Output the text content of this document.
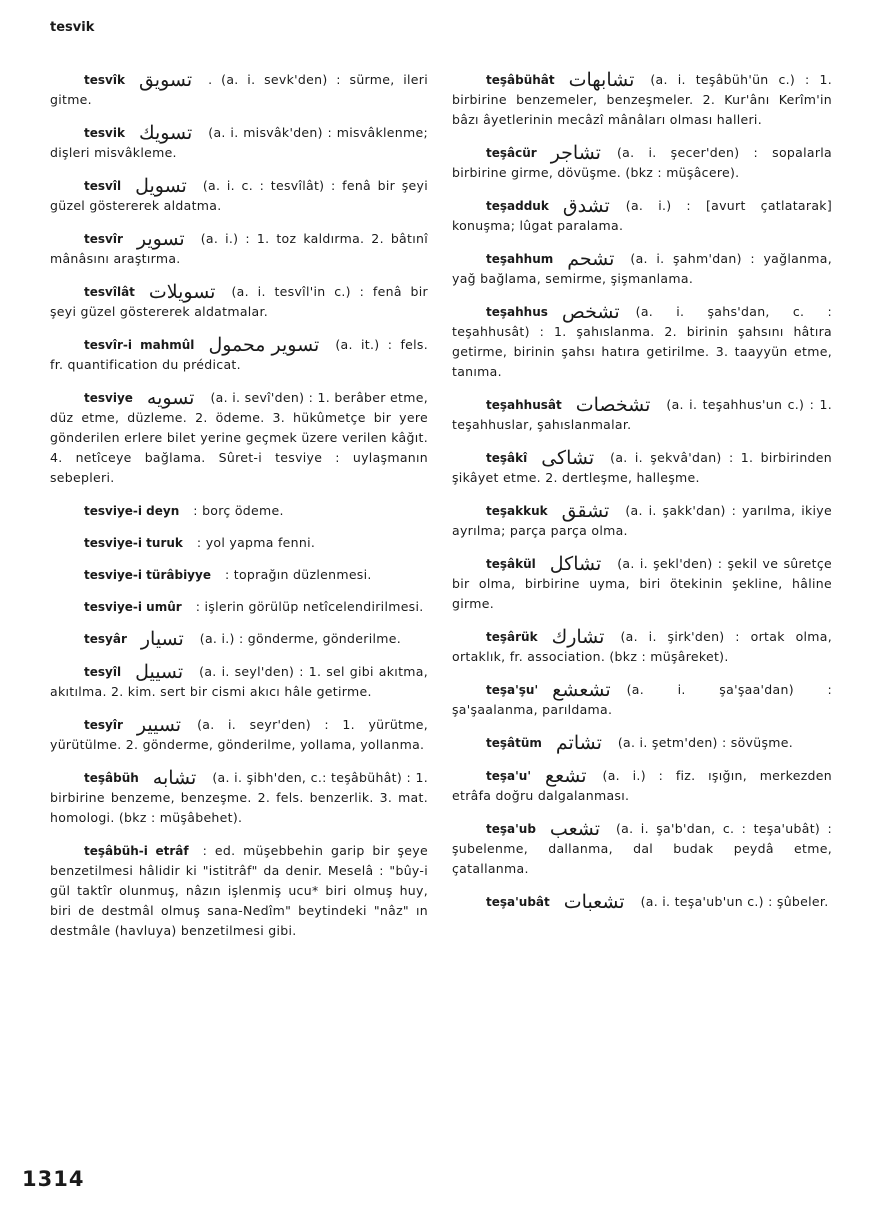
tesvik
tesvîk تسويق . (a. i. sevk'den) : sürme, ileri gitme.
tesvik تسويك (a. i. misvâk'den) : misvâklenme; dişleri misvâkleme.
tesvîl تسويل (a. i. c. : tesvîlât) : fenâ bir şeyi güzel göstererek aldatma.
tesvîr تسوير (a. i.) : 1. toz kaldırma. 2. bâtınî mânâsını araştırma.
tesvîlât تسويلات (a. i. tesvîl'in c.) : fenâ bir şeyi güzel göstererek aldatmalar.
tesvîr-i mahmûl تسوير محمول (a. it.) : fels. fr. quantification du prédicat.
tesviye تسويه (a. i. sevî'den) : 1. berâber etme, düz etme, düzleme. 2. ödeme. 3. hükûmetçe bir yere gönderilen erlere bilet yerine geçmek üzere verilen kâğıt. 4. netîceye bağlama. Sûret-i tesviye : uylaşmanın sebepleri.
tesviye-i deyn : borç ödeme.
tesviye-i turuk : yol yapma fenni.
tesviye-i türâbiyye : toprağın düzlenmesi.
tesviye-i umûr : işlerin görülüp netîcelendirilmesi.
tesyâr تسيار (a. i.) : gönderme, gönderilme.
tesyîl تسييل (a. i. seyl'den) : 1. sel gibi akıtma, akıtılma. 2. kim. sert bir cismi akıcı hâle getirme.
tesyîr تسيير (a. i. seyr'den) : 1. yürütme, yürütülme. 2. gönderme, gönderilme, yollama, yollanma.
teşâbüh تشابه (a. i. şibh'den, c.: teşâbühât) : 1. birbirine benzeme, benzeşme. 2. fels. benzerlik. 3. mat. homologi. (bkz : müşâbehet).
teşâbüh-i etrâf : ed. müşebbehin garip bir şeye benzetilmesi hâlidir ki "istitrâf" da denir. Meselâ : "bûy-i gül taktîr olunmuş, nâzın işlenmiş ucu* biri olmuş huy, biri de destmâl olmuş sana-Nedîm" beytindeki "nâz" ın destmâle (havluya) benzetilmesi gibi.
teşâbühât تشابهات (a. i. teşâbüh'ün c.) : 1. birbirine benzemeler, benzeşmeler. 2. Kur'ânı Kerîm'in bâzı âyetlerinin mecâzî mânâları olması halleri.
teşâcür تشاجر (a. i. şecer'den) : sopalarla birbirine girme, dövüşme. (bkz : müşâcere).
teşadduk تشدق (a. i.) : [avurt çatlatarak] konuşma; lûgat paralama.
teşahhum تشحم (a. i. şahm'dan) : yağlanma, yağ bağlama, semirme, şişmanlama.
teşahhus تشخص (a. i. şahs'dan, c. : teşahhusât) : 1. şahıslanma. 2. birinin şahsını hâtıra getirme, birinin şahsı hatıra getirilme. 3. taayyün etme, tanıma.
teşahhusât تشخصات (a. i. teşahhus'un c.) : 1. teşahhuslar, şahıslanmalar.
teşâkî تشاكى (a. i. şekvâ'dan) : 1. birbirinden şikâyet etme. 2. dertleşme, halleşme.
teşakkuk تشقق (a. i. şakk'dan) : yarılma, ikiye ayrılma; parça parça olma.
teşâkül تشاكل (a. i. şekl'den) : şekil ve sûretçe bir olma, birbirine uyma, biri ötekinin şekline, hâline girme.
teşârük تشارك (a. i. şirk'den) : ortak olma, ortaklık, fr. association. (bkz : müşâreket).
teşa'şu' تشعشع (a. i. şa'şaa'dan) : şa'şaalanma, parıldama.
teşâtüm تشاتم (a. i. şetm'den) : sövüşme.
teşa'u' تشعع (a. i.) : fiz. ışığın, merkezden etrâfa doğru dalgalanması.
teşa'ub تشعب (a. i. şa'b'dan, c. : teşa'ubât) : şubelenme, dallanma, dal budak peydâ etme, çatallanma.
teşa'ubât تشعبات (a. i. teşa'ub'un c.) : şûbeler.
1314
